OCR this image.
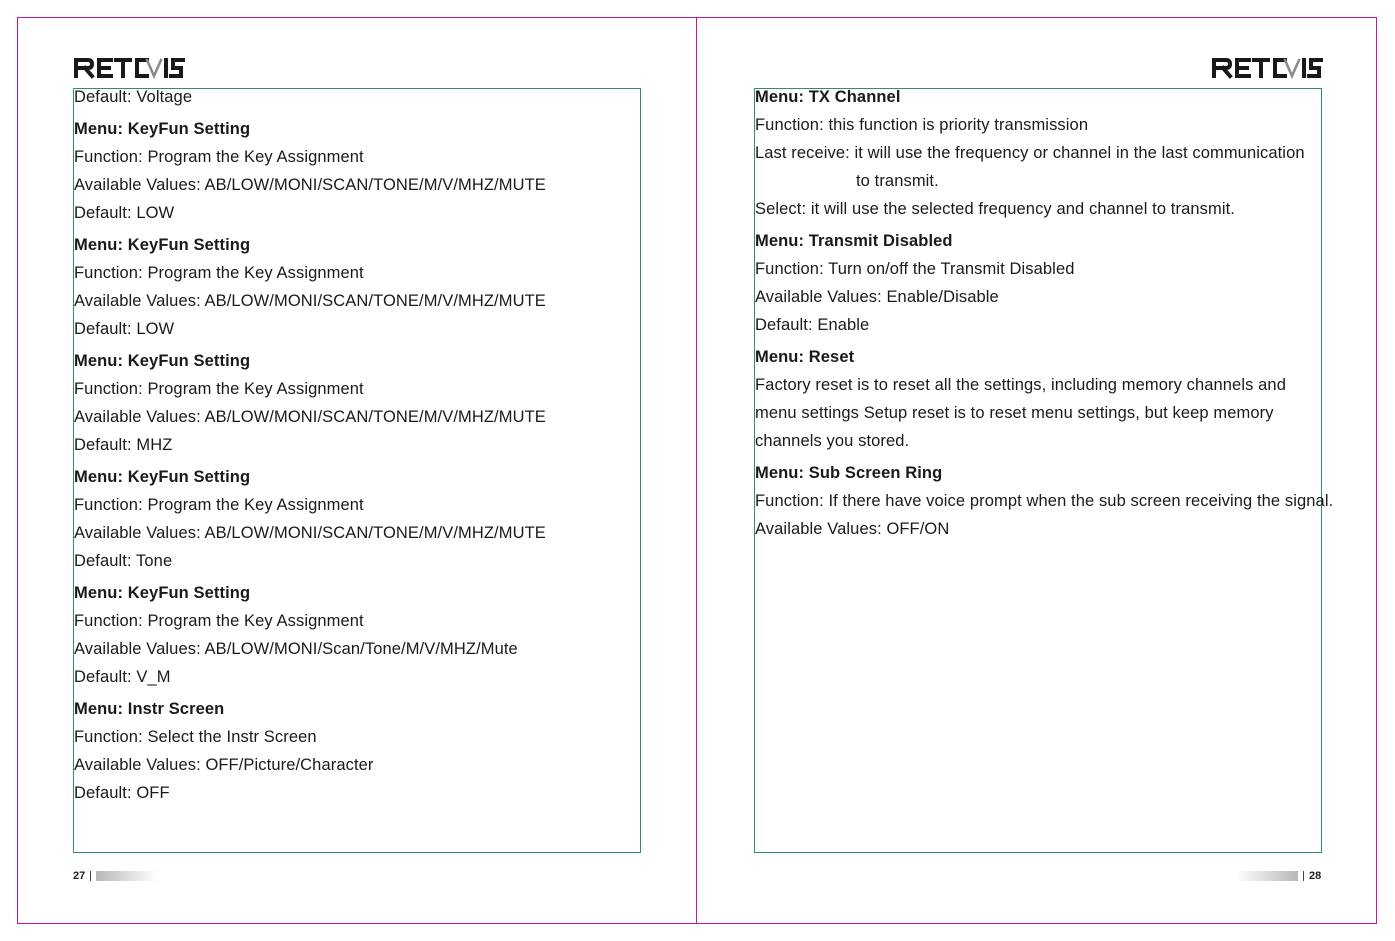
Default: Voltage
Menu: KeyFun Setting
Function: Program the Key Assignment
Available Values: AB/LOW/MONI/SCAN/TONE/M/V/MHZ/MUTE
Default: LOW
Menu: KeyFun Setting
Function: Program the Key Assignment
Available Values: AB/LOW/MONI/SCAN/TONE/M/V/MHZ/MUTE
Default: LOW
Menu: KeyFun Setting
Function: Program the Key Assignment
Available Values: AB/LOW/MONI/SCAN/TONE/M/V/MHZ/MUTE
Default: MHZ
Menu: KeyFun Setting
Function: Program the Key Assignment
Available Values: AB/LOW/MONI/SCAN/TONE/M/V/MHZ/MUTE
Default: Tone
Menu: KeyFun Setting
Function: Program the Key Assignment
Available Values: AB/LOW/MONI/Scan/Tone/M/V/MHZ/Mute
Default: V_M
Menu: Instr Screen
Function: Select the Instr Screen
Available Values: OFF/Picture/Character
Default: OFF
Menu: TX Channel
Function: this function is priority transmission
Last receive: it will use the frequency or channel in the last communication
to transmit.
Select: it will use the selected frequency and channel to transmit.
Menu: Transmit Disabled
Function: Turn on/off the Transmit Disabled
Available Values: Enable/Disable
Default: Enable
Menu: Reset
Factory reset is to reset all the settings, including memory channels and
menu settings Setup reset is to reset menu settings, but keep memory
channels you stored.
Menu: Sub Screen Ring
Function: If there have voice prompt when the sub screen receiving the signal.
Available Values: OFF/ON
27	28
